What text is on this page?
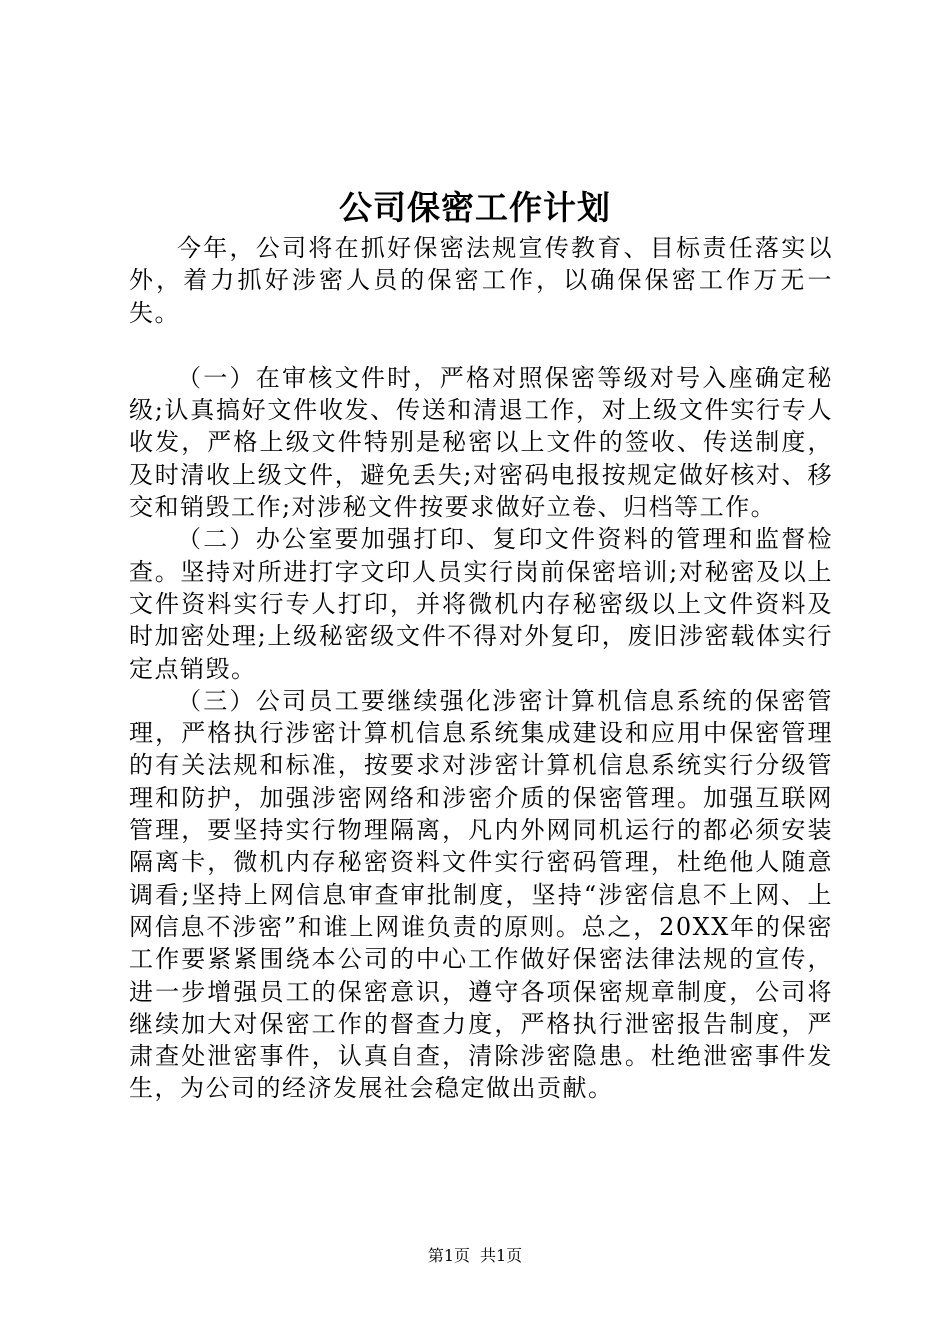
公司保密工作计划

今年，公司将在抓好保密法规宣传教育、目标责任落实以外，着力抓好涉密人员的保密工作，以确保保密工作万无一失。

（一）在审核文件时，严格对照保密等级对号入座确定秘级;认真搞好文件收发、传送和清退工作，对上级文件实行专人收发，严格上级文件特别是秘密以上文件的签收、传送制度，及时清收上级文件，避免丢失;对密码电报按规定做好核对、移交和销毁工作;对涉秘文件按要求做好立卷、归档等工作。

（二）办公室要加强打印、复印文件资料的管理和监督检查。坚持对所进打字文印人员实行岗前保密培训;对秘密及以上文件资料实行专人打印，并将微机内存秘密级以上文件资料及时加密处理;上级秘密级文件不得对外复印，废旧涉密载体实行定点销毁。

（三）公司员工要继续强化涉密计算机信息系统的保密管理，严格执行涉密计算机信息系统集成建设和应用中保密管理的有关法规和标准，按要求对涉密计算机信息系统实行分级管理和防护，加强涉密网络和涉密介质的保密管理。加强互联网管理，要坚持实行物理隔离，凡内外网同机运行的都必须安装隔离卡，微机内存秘密资料文件实行密码管理，杜绝他人随意调看;坚持上网信息审查审批制度，坚持“涉密信息不上网、上网信息不涉密”和谁上网谁负责的原则。总之，20XX年的保密工作要紧紧围绕本公司的中心工作做好保密法律法规的宣传，进一步增强员工的保密意识，遵守各项保密规章制度，公司将继续加大对保密工作的督查力度，严格执行泄密报告制度，严肃查处泄密事件，认真自查，清除涉密隐患。杜绝泄密事件发生，为公司的经济发展社会稳定做出贡献。

第1页 共1页
